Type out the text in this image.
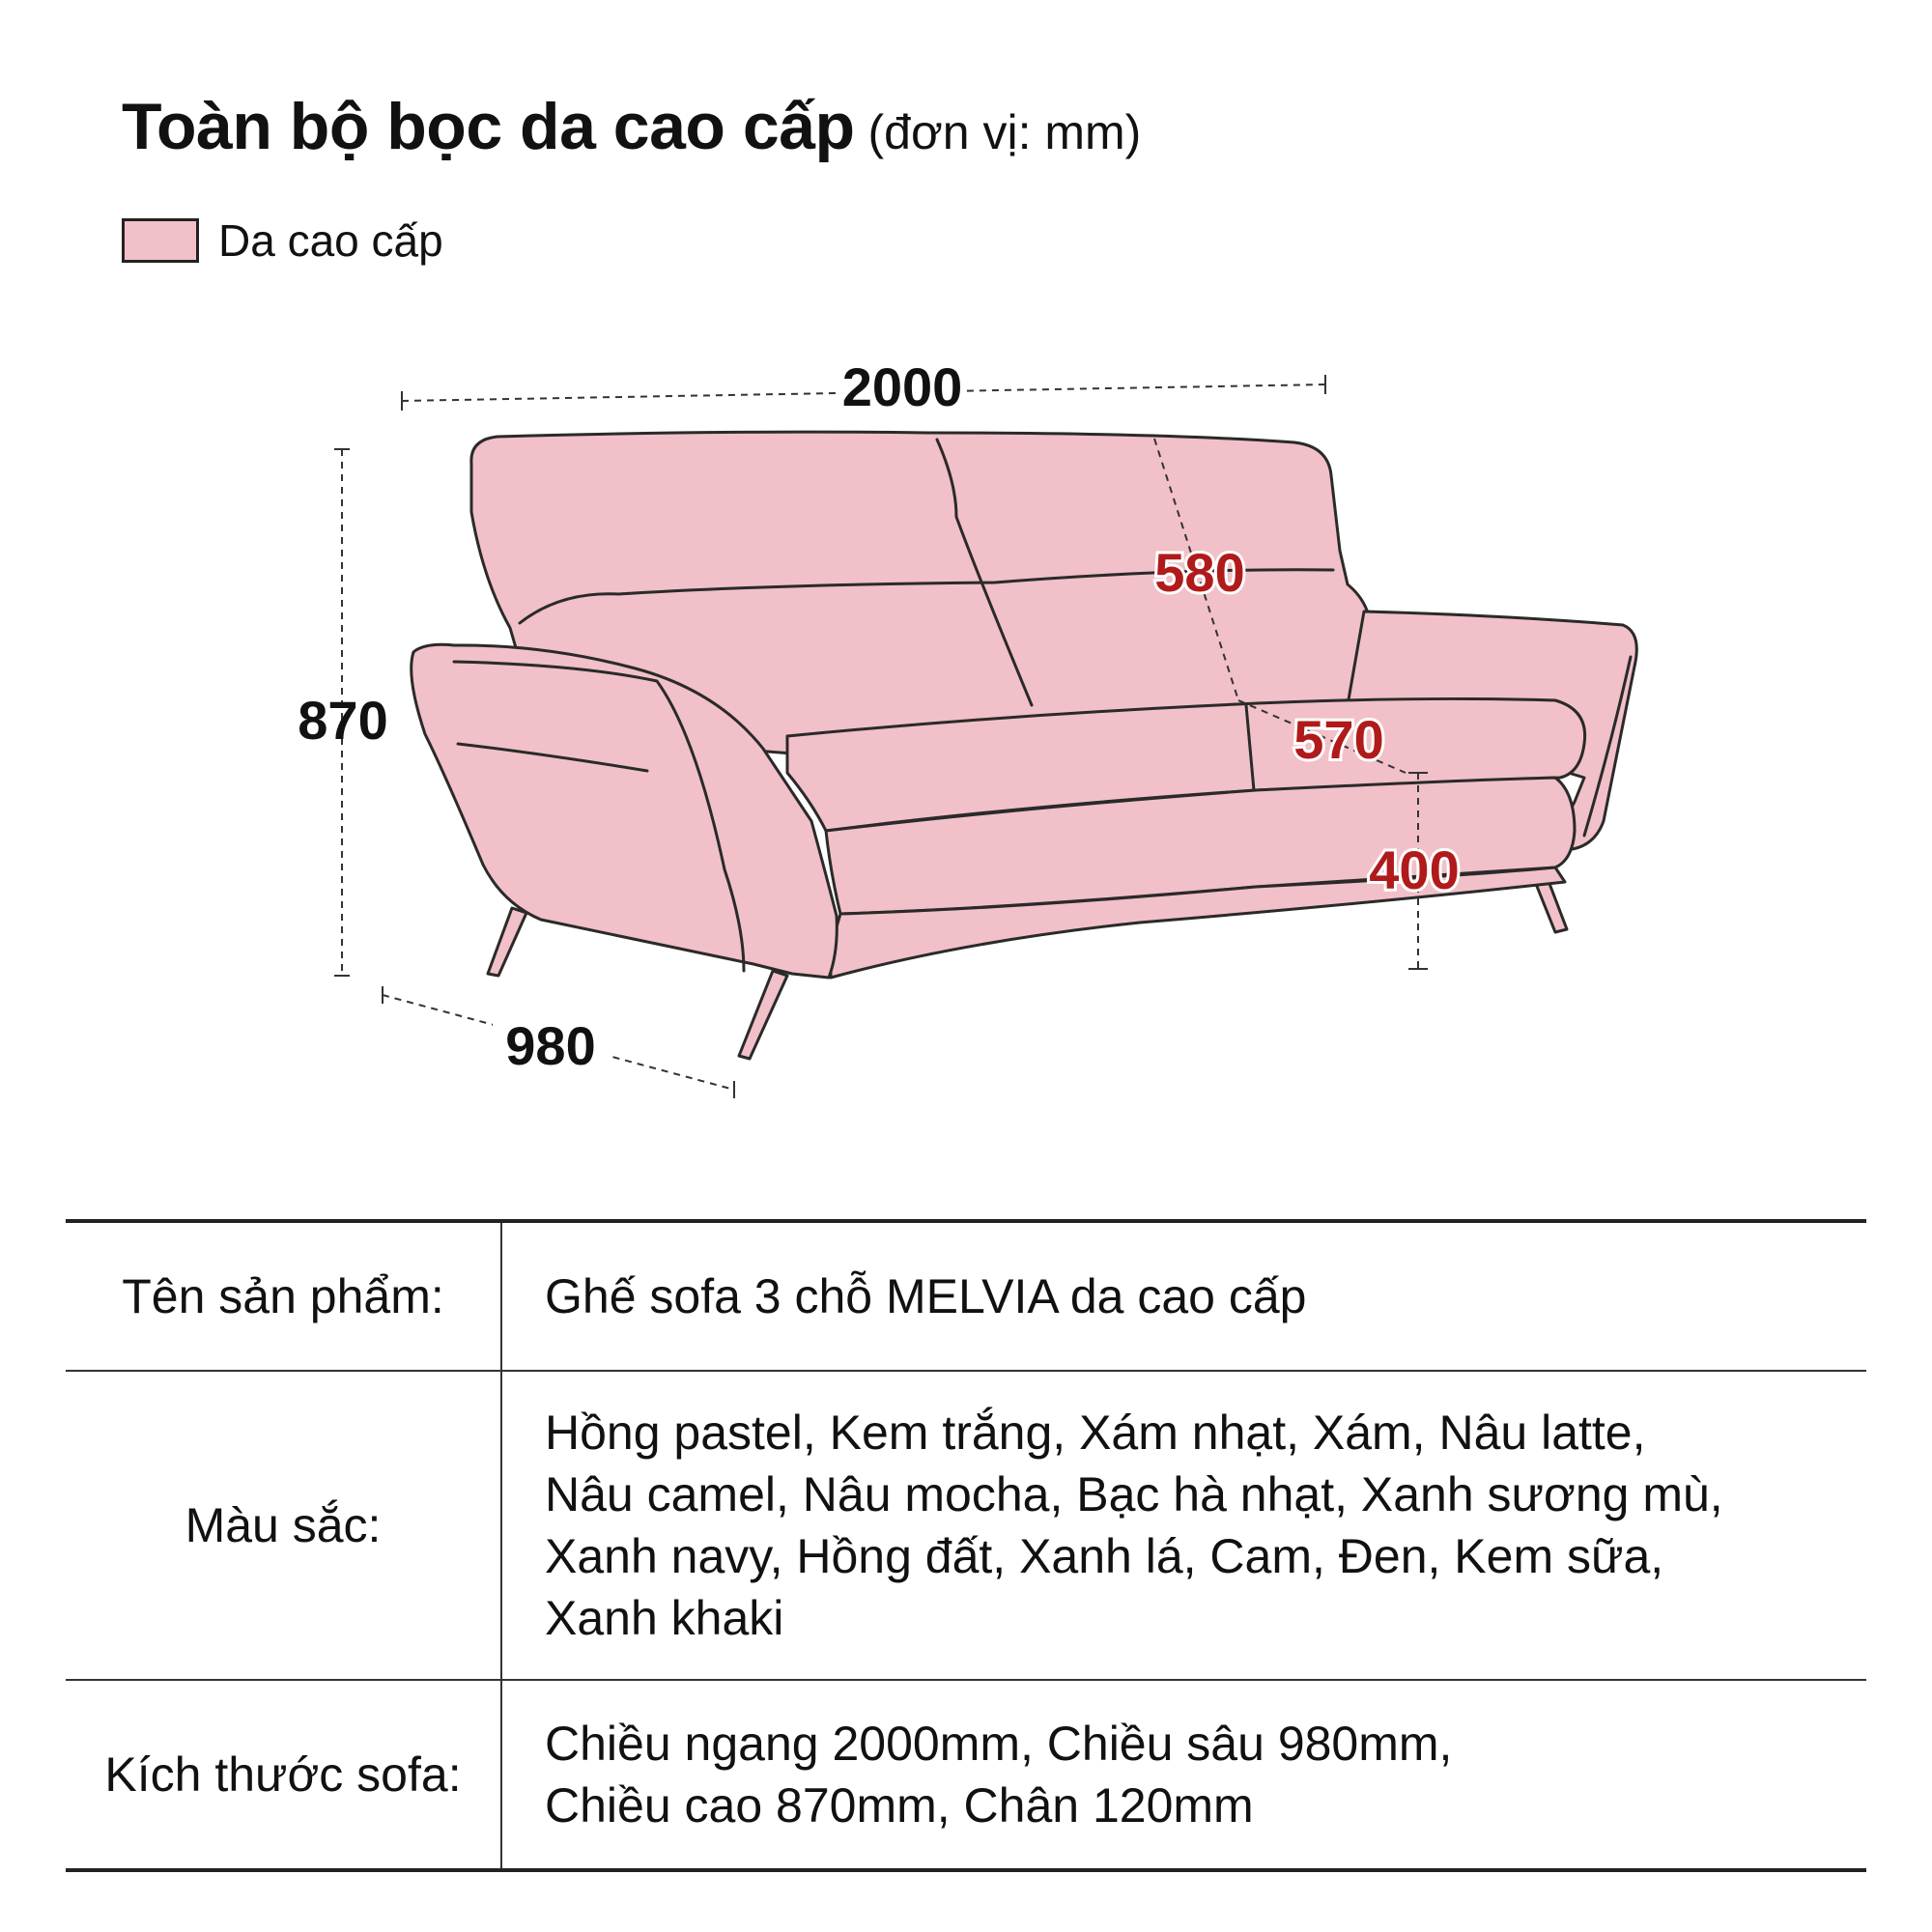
Toàn bộ bọc da cao cấp (đơn vị: mm)
Da cao cấp
2000
870
980
580
570
400
Tên sản phẩm:	Ghế sofa 3 chỗ MELVIA da cao cấp
Màu sắc:	Hồng pastel, Kem trắng, Xám nhạt, Xám, Nâu latte,
Nâu camel, Nâu mocha, Bạc hà nhạt, Xanh sương mù,
Xanh navy, Hồng đất, Xanh lá, Cam, Đen, Kem sữa,
Xanh khaki

Kích thước sofa:	Chiều ngang 2000mm, Chiều sâu 980mm,
Chiều cao 870mm, Chân 120mm
